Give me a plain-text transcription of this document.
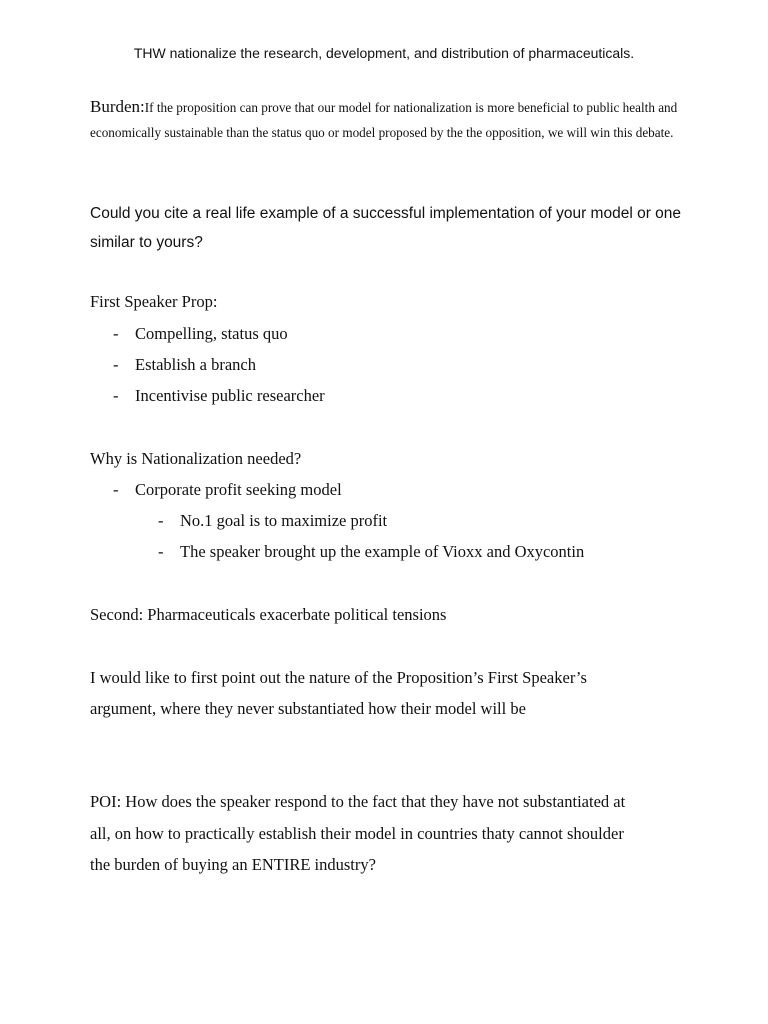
THW nationalize the research, development, and distribution of pharmaceuticals.
Burden:If the proposition can prove that our model for nationalization is more beneficial to public health and economically sustainable than the status quo or model proposed by the the opposition, we will win this debate.
Could you cite a real life example of a successful implementation of your model or one similar to yours?
First Speaker Prop:
- Compelling, status quo
- Establish a branch
- Incentivise public researcher
Why is Nationalization needed?
- Corporate profit seeking model
- No.1 goal is to maximize profit
- The speaker brought up the example of Vioxx and Oxycontin
Second: Pharmaceuticals exacerbate political tensions
I would like to first point out the nature of the Proposition’s First Speaker’s
argument, where they never substantiated how their model will be
POI: How does the speaker respond to the fact that they have not substantiated at
all, on how to practically establish their model in countries thaty cannot shoulder
the burden of buying an ENTIRE industry?
